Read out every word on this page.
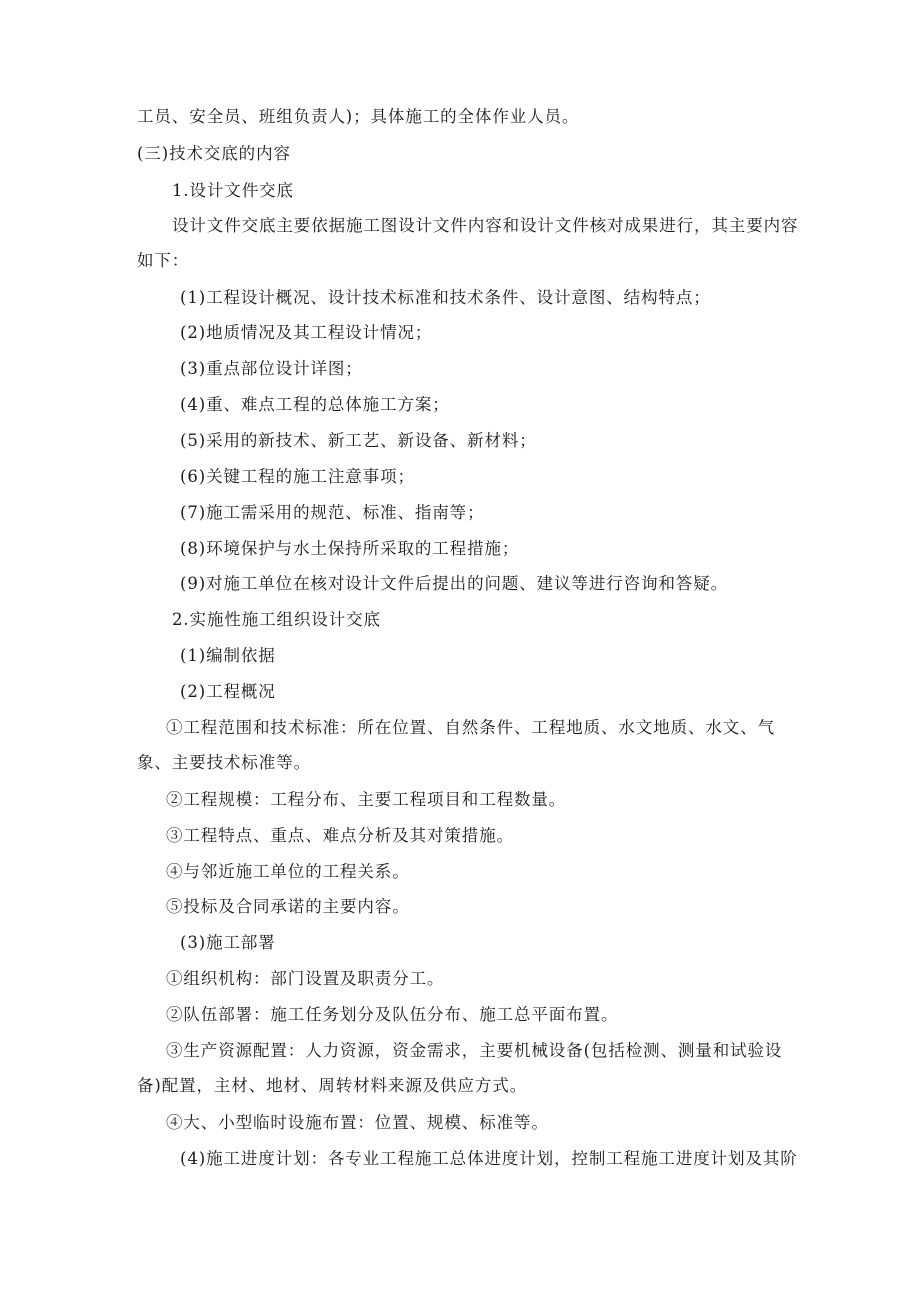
工员、安全员、班组负责人)；具体施工的全体作业人员。
(三)技术交底的内容
1.设计文件交底
设计文件交底主要依据施工图设计文件内容和设计文件核对成果进行，其主要内容
如下：
(1)工程设计概况、设计技术标准和技术条件、设计意图、结构特点；
(2)地质情况及其工程设计情况；
(3)重点部位设计详图；
(4)重、难点工程的总体施工方案；
(5)采用的新技术、新工艺、新设备、新材料；
(6)关键工程的施工注意事项；
(7)施工需采用的规范、标准、指南等；
(8)环境保护与水土保持所采取的工程措施；
(9)对施工单位在核对设计文件后提出的问题、建议等进行咨询和答疑。
2.实施性施工组织设计交底
(1)编制依据
(2)工程概况
①工程范围和技术标准：所在位置、自然条件、工程地质、水文地质、水文、气
象、主要技术标准等。
②工程规模：工程分布、主要工程项目和工程数量。
③工程特点、重点、难点分析及其对策措施。
④与邻近施工单位的工程关系。
⑤投标及合同承诺的主要内容。
(3)施工部署
①组织机构：部门设置及职责分工。
②队伍部署：施工任务划分及队伍分布、施工总平面布置。
③生产资源配置：人力资源，资金需求，主要机械设备(包括检测、测量和试验设
备)配置，主材、地材、周转材料来源及供应方式。
④大、小型临时设施布置：位置、规模、标准等。
(4)施工进度计划：各专业工程施工总体进度计划，控制工程施工进度计划及其阶
